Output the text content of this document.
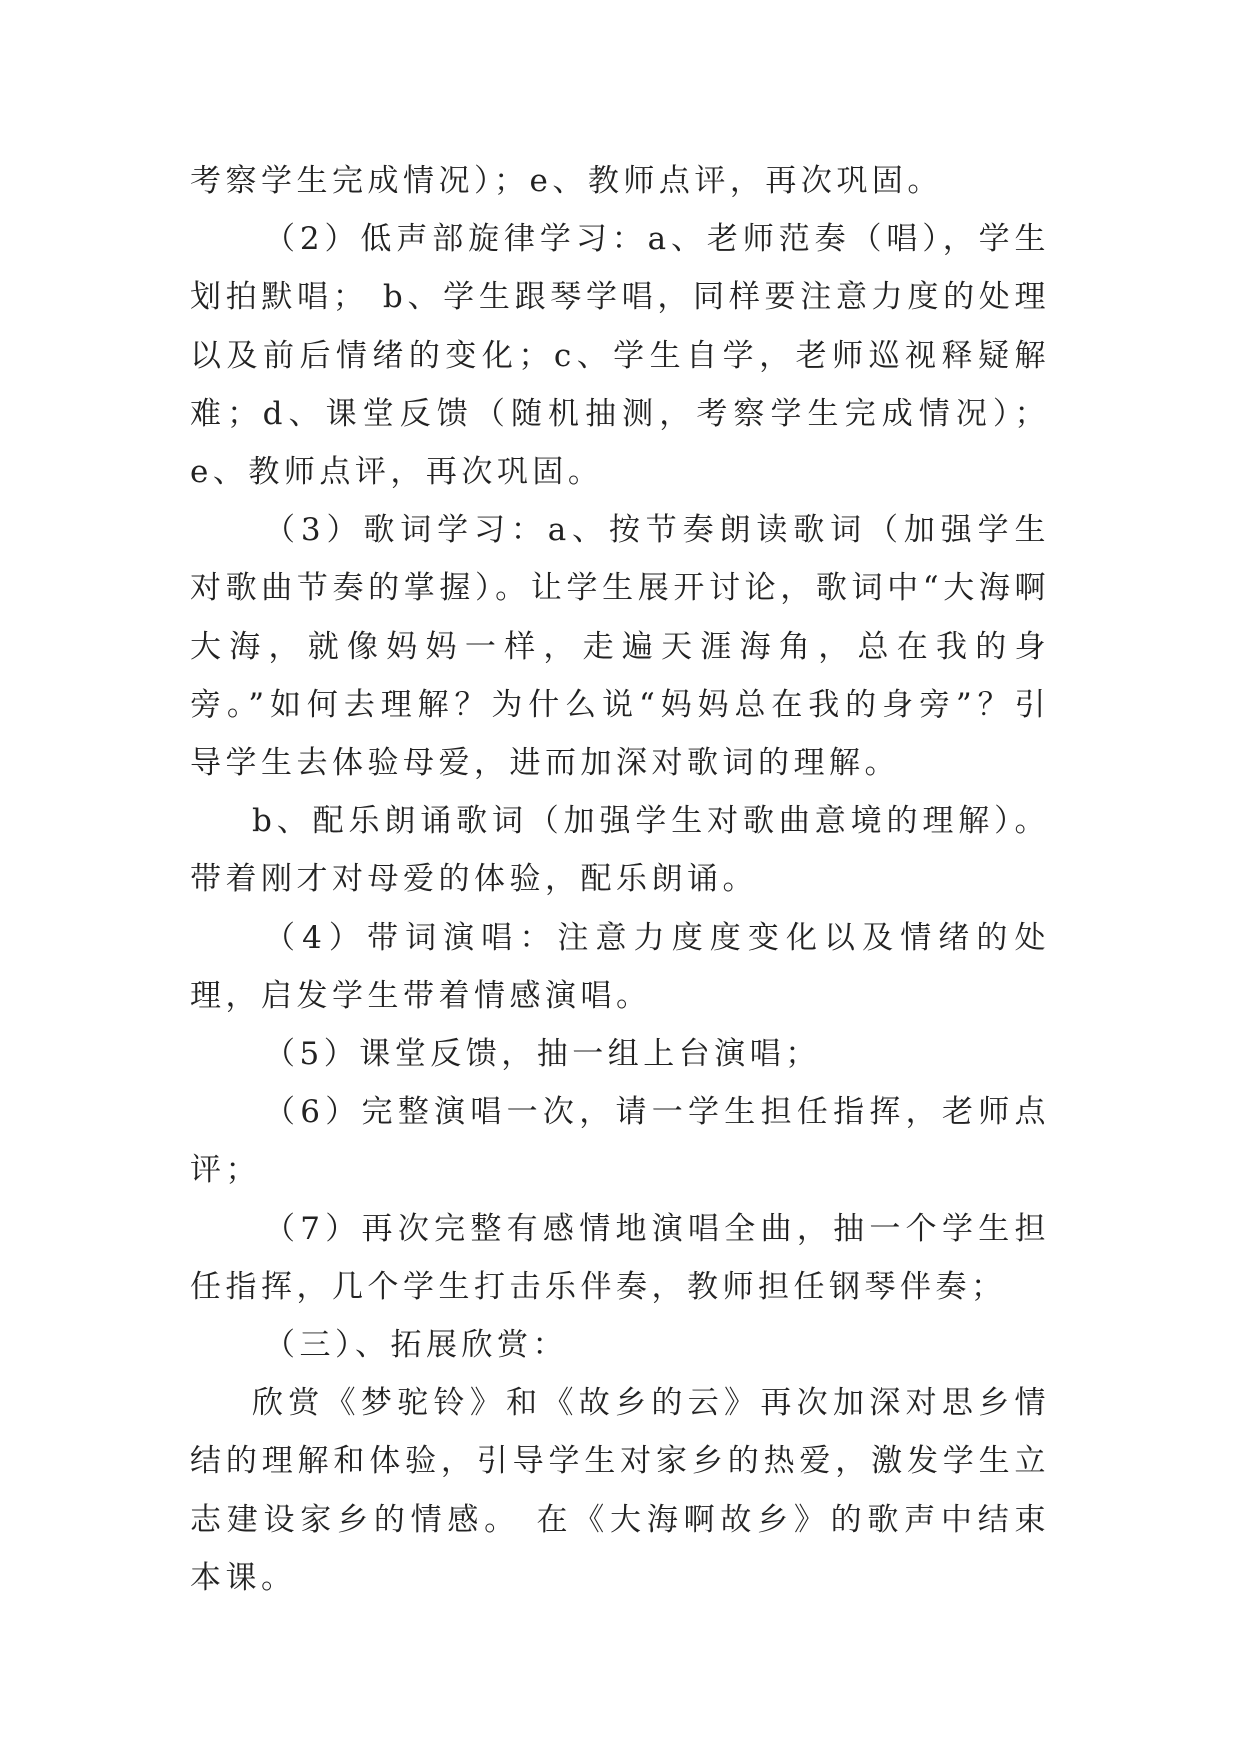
考察学生完成情况）；e、教师点评，再次巩固。

（2）低声部旋律学习：a、老师范奏（唱），学生划拍默唱； b、学生跟琴学唱，同样要注意力度的处理以及前后情绪的变化；c、学生自学，老师巡视释疑解难；d、课堂反馈（随机抽测，考察学生完成情况）；e、教师点评，再次巩固。

（3）歌词学习：a、按节奏朗读歌词（加强学生对歌曲节奏的掌握）。让学生展开讨论，歌词中“大海啊大海，就像妈妈一样，走遍天涯海角，总在我的身旁。”如何去理解？为什么说“妈妈总在我的身旁”？引导学生去体验母爱，进而加深对歌词的理解。

b、配乐朗诵歌词（加强学生对歌曲意境的理解）。带着刚才对母爱的体验，配乐朗诵。

（4）带词演唱：注意力度度变化以及情绪的处理，启发学生带着情感演唱。

（5）课堂反馈，抽一组上台演唱；

（6）完整演唱一次，请一学生担任指挥，老师点评；

（7）再次完整有感情地演唱全曲，抽一个学生担任指挥，几个学生打击乐伴奏，教师担任钢琴伴奏；

（三）、拓展欣赏：

欣赏《梦驼铃》和《故乡的云》再次加深对思乡情结的理解和体验，引导学生对家乡的热爱，激发学生立志建设家乡的情感。 在《大海啊故乡》的歌声中结束本课。
